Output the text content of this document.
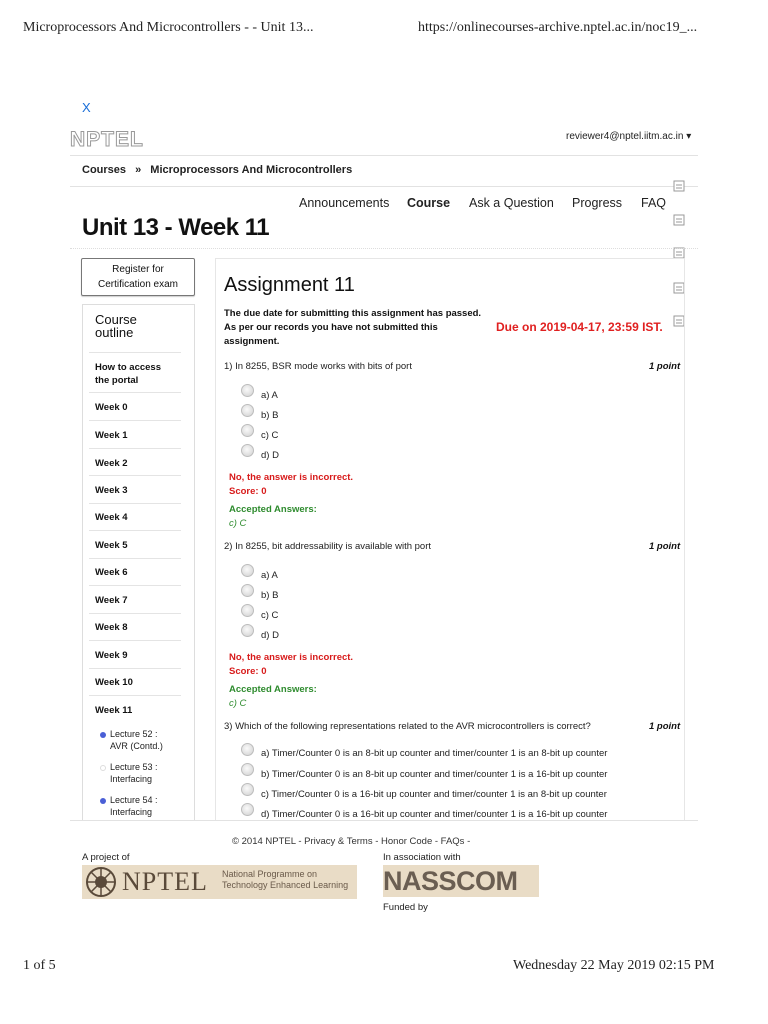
Microprocessors And Microcontrollers - - Unit 13...	https://onlinecourses-archive.nptel.ac.in/noc19_...
X
NPTEL	reviewer4@nptel.iitm.ac.in ▾
Courses » Microprocessors And Microcontrollers
Announcements Course Ask a Question Progress FAQ
Unit 13 - Week 11
Register for
Certification exam
Course
outline
How to access
the portal
Week 0
Week 1
Week 2
Week 3
Week 4
Week 5
Week 6
Week 7
Week 8
Week 9
Week 10
Week 11
Lecture 52 :
AVR (Contd.)
Lecture 53 :
Interfacing
Lecture 54 :
Interfacing
Assignment 11
The due date for submitting this assignment has passed.
As per our records you have not submitted this
assignment.
Due on 2019-04-17, 23:59 IST.
1) In 8255, BSR mode works with bits of port	1 point
a) A
b) B
c) C
d) D
No, the answer is incorrect.
Score: 0
Accepted Answers:
c) C
2) In 8255, bit addressability is available with port	1 point
a) A
b) B
c) C
d) D
No, the answer is incorrect.
Score: 0
Accepted Answers:
c) C
3) Which of the following representations related to the AVR microcontrollers is correct?	1 point
a) Timer/Counter 0 is an 8-bit up counter and timer/counter 1 is an 8-bit up counter
b) Timer/Counter 0 is an 8-bit up counter and timer/counter 1 is a 16-bit up counter
c) Timer/Counter 0 is a 16-bit up counter and timer/counter 1 is an 8-bit up counter
d) Timer/Counter 0 is a 16-bit up counter and timer/counter 1 is a 16-bit up counter
© 2014 NPTEL - Privacy & Terms - Honor Code - FAQs -
A project of	In association with
NPTEL National Programme on
Technology Enhanced Learning NASSCOM
Funded by
1 of 5	Wednesday 22 May 2019 02:15 PM
